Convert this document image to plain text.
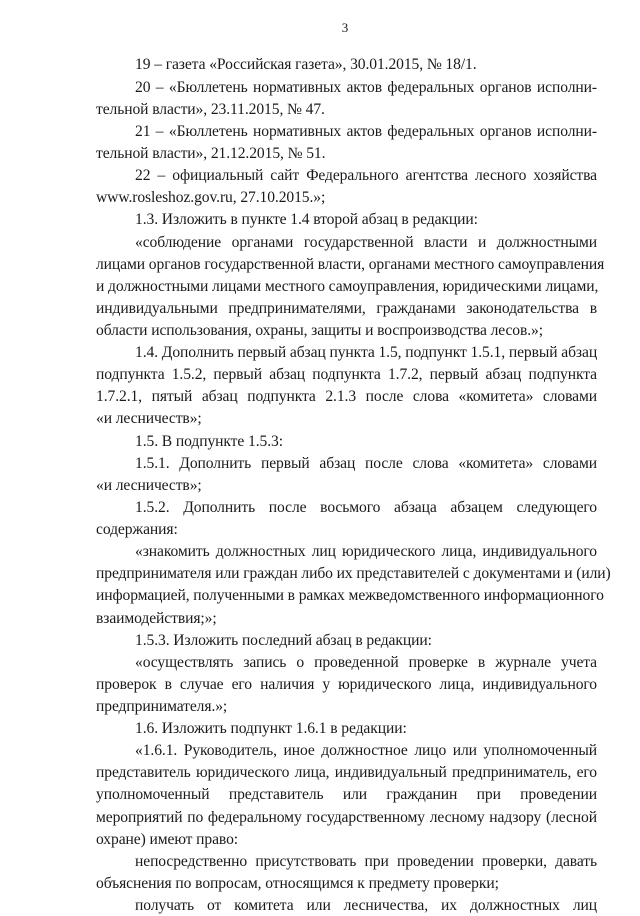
3
19 – газета «Российская газета», 30.01.2015, № 18/1.
20 – «Бюллетень нормативных актов федеральных органов исполни-
тельной власти», 23.11.2015, № 47.
21 – «Бюллетень нормативных актов федеральных органов исполни-
тельной власти», 21.12.2015, № 51.
22 – официальный сайт Федерального агентства лесного хозяйства
www.rosleshoz.gov.ru, 27.10.2015.»;
1.3. Изложить в пункте 1.4 второй абзац в редакции:
«соблюдение органами государственной власти и должностными
лицами органов государственной власти, органами местного самоуправления
и должностными лицами местного самоуправления, юридическими лицами,
индивидуальными предпринимателями, гражданами законодательства в
области использования, охраны, защиты и воспроизводства лесов.»;
1.4. Дополнить первый абзац пункта 1.5, подпункт 1.5.1, первый абзац
подпункта 1.5.2, первый абзац подпункта 1.7.2, первый абзац подпункта
1.7.2.1, пятый абзац подпункта 2.1.3 после слова «комитета» словами
«и лесничеств»;
1.5. В подпункте 1.5.3:
1.5.1. Дополнить первый абзац после слова «комитета» словами
«и лесничеств»;
1.5.2. Дополнить после восьмого абзаца абзацем следующего
содержания:
«знакомить должностных лиц юридического лица, индивидуального
предпринимателя или граждан либо их представителей с документами и (или)
информацией, полученными в рамках межведомственного информационного
взаимодействия;»;
1.5.3. Изложить последний абзац в редакции:
«осуществлять запись о проведенной проверке в журнале учета
проверок в случае его наличия у юридического лица, индивидуального
предпринимателя.»;
1.6. Изложить подпункт 1.6.1 в редакции:
«1.6.1. Руководитель, иное должностное лицо или уполномоченный
представитель юридического лица, индивидуальный предприниматель, его
уполномоченный представитель или гражданин при проведении
мероприятий по федеральному государственному лесному надзору (лесной
охране) имеют право:
непосредственно присутствовать при проведении проверки, давать
объяснения по вопросам, относящимся к предмету проверки;
получать от комитета или лесничества, их должностных лиц
